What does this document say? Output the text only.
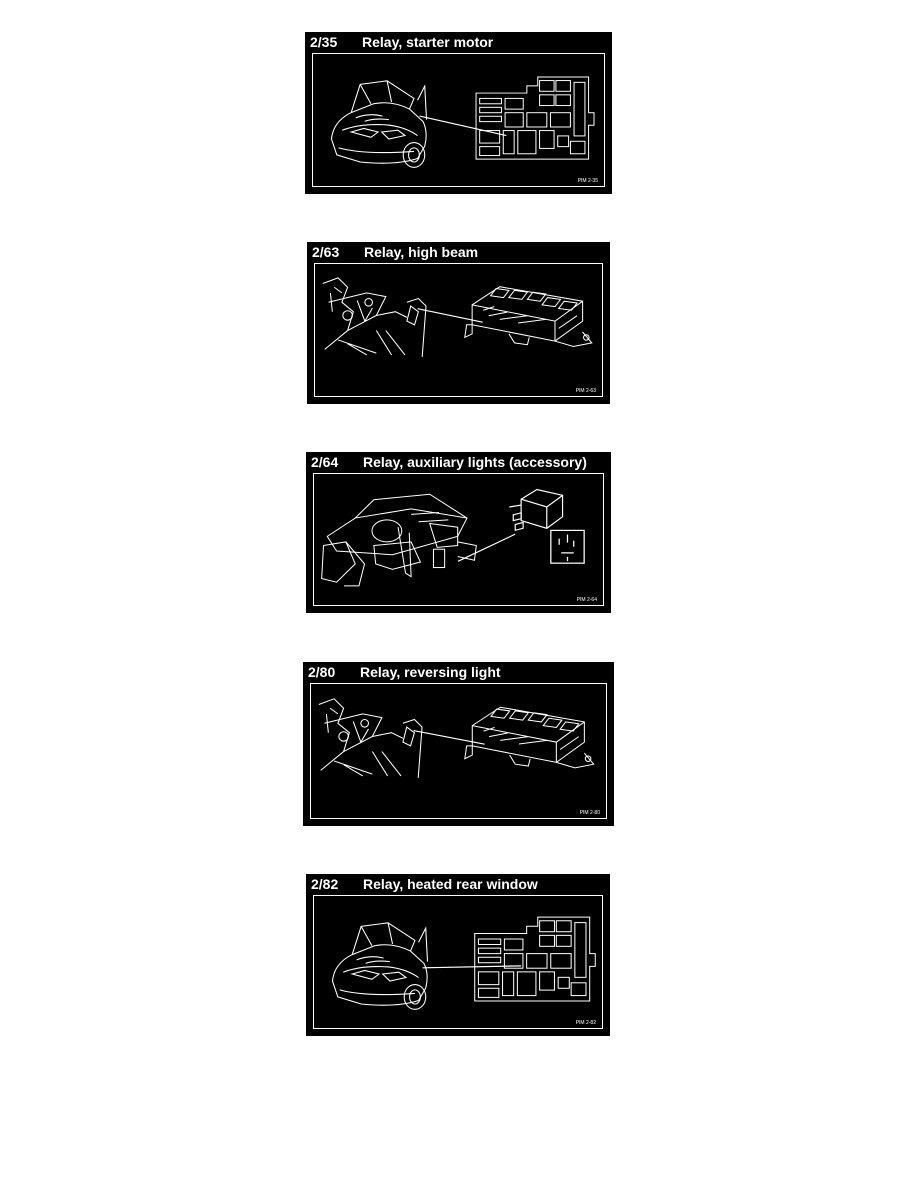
2/35 Relay, starter motor
PIM 2-35
2/63 Relay, high beam
PIM 2-63
2/64 Relay, auxiliary lights (accessory)
PIM 2-64
2/80 Relay, reversing light
PIM 2-80
2/82 Relay, heated rear window
PIM 2-82
